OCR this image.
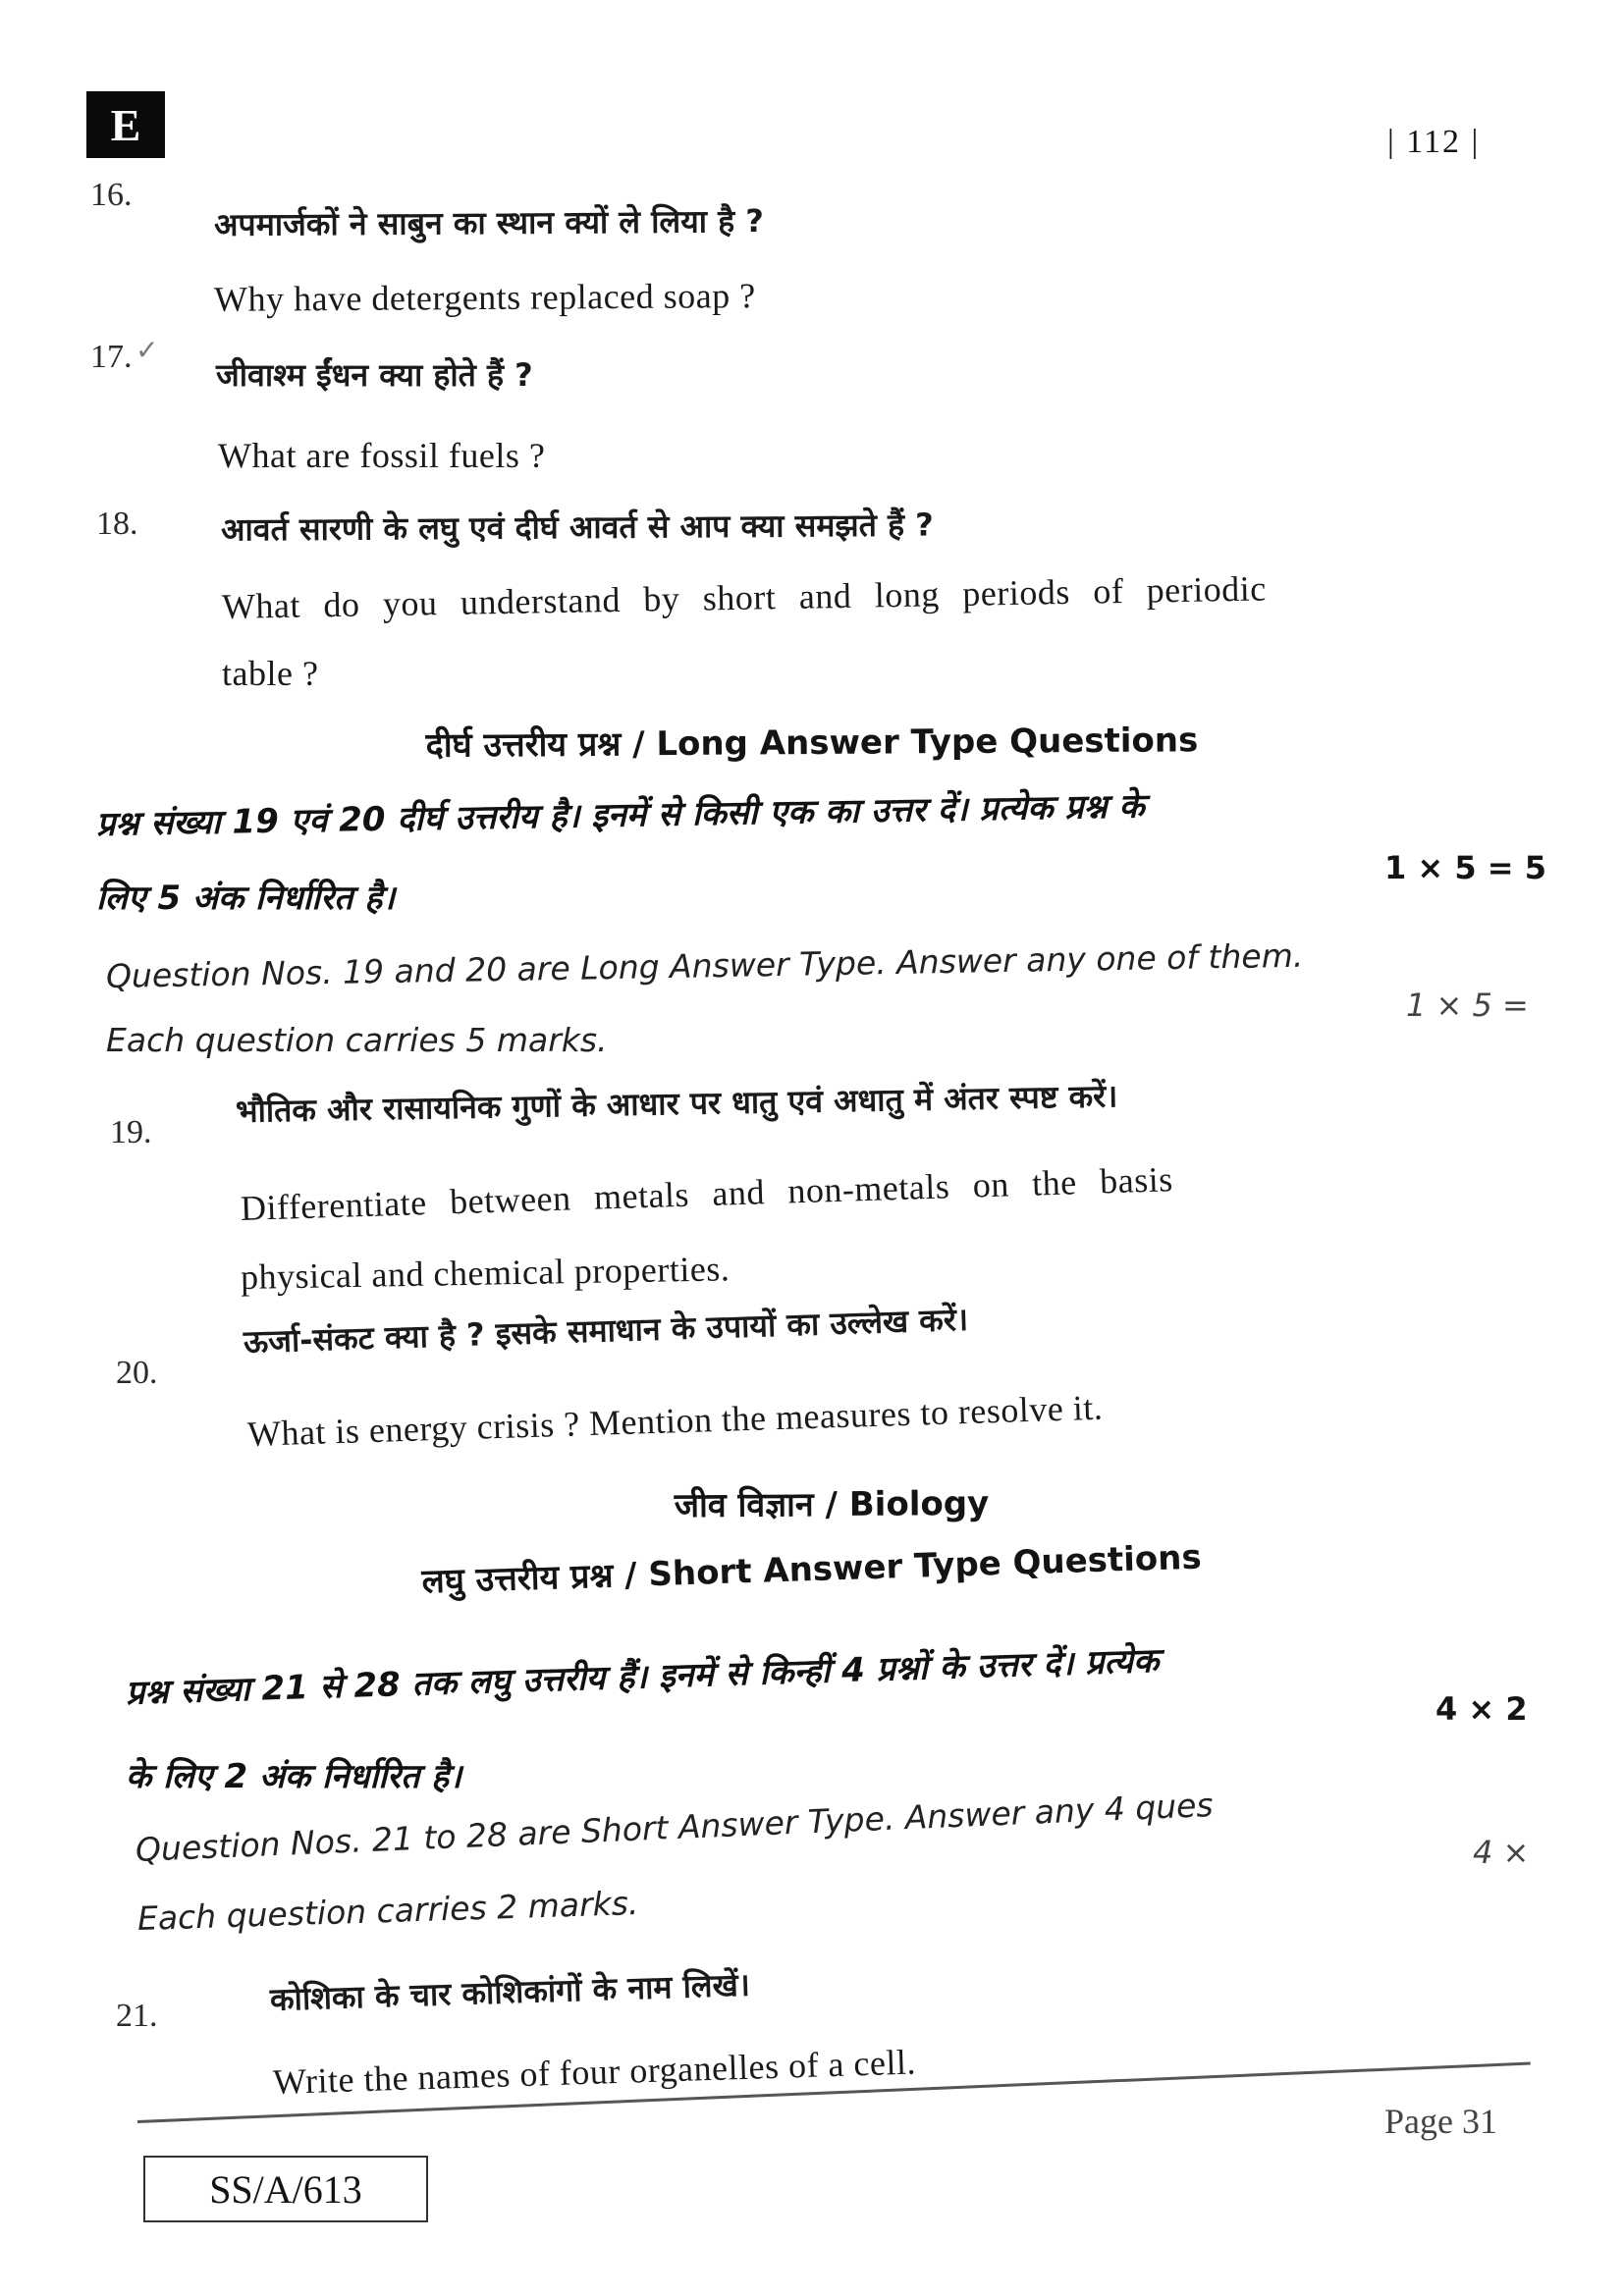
E	| 112 |
16.
अपमार्जकों ने साबुन का स्थान क्यों ले लिया है ?
Why have detergents replaced soap ?
17. ✓
जीवाश्म ईंधन क्या होते हैं ?
What are fossil fuels ?
18.	आवर्त सारणी के लघु एवं दीर्घ आवर्त से आप क्या समझते हैं ?
What do you understand by short and long periods of periodic
table ?
दीर्घ उत्तरीय प्रश्न / Long Answer Type Questions
प्रश्न संख्या 19 एवं 20 दीर्घ उत्तरीय है। इनमें से किसी एक का उत्तर दें। प्रत्येक प्रश्न के
1 × 5 = 5
लिए 5 अंक निर्धारित है।
Question Nos. 19 and 20 are Long Answer Type. Answer any one of them.
1 × 5 =
Each question carries 5 marks.
19.
भौतिक और रासायनिक गुणों के आधार पर धातु एवं अधातु में अंतर स्पष्ट करें।
Differentiate between metals and non-metals on the basis
physical and chemical properties.
20.
ऊर्जा-संकट क्या है ? इसके समाधान के उपायों का उल्लेख करें।
What is energy crisis ? Mention the measures to resolve it.
जीव विज्ञान / Biology
लघु उत्तरीय प्रश्न / Short Answer Type Questions
प्रश्न संख्या 21 से 28 तक लघु उत्तरीय हैं। इनमें से किन्हीं 4 प्रश्नों के उत्तर दें। प्रत्येक	4 × 2
के लिए 2 अंक निर्धारित है।
Question Nos. 21 to 28 are Short Answer Type. Answer any 4 ques	4 ×
Each question carries 2 marks.
21.	कोशिका के चार कोशिकांगों के नाम लिखें।
Write the names of four organelles of a cell.
Page 31
SS/A/613
